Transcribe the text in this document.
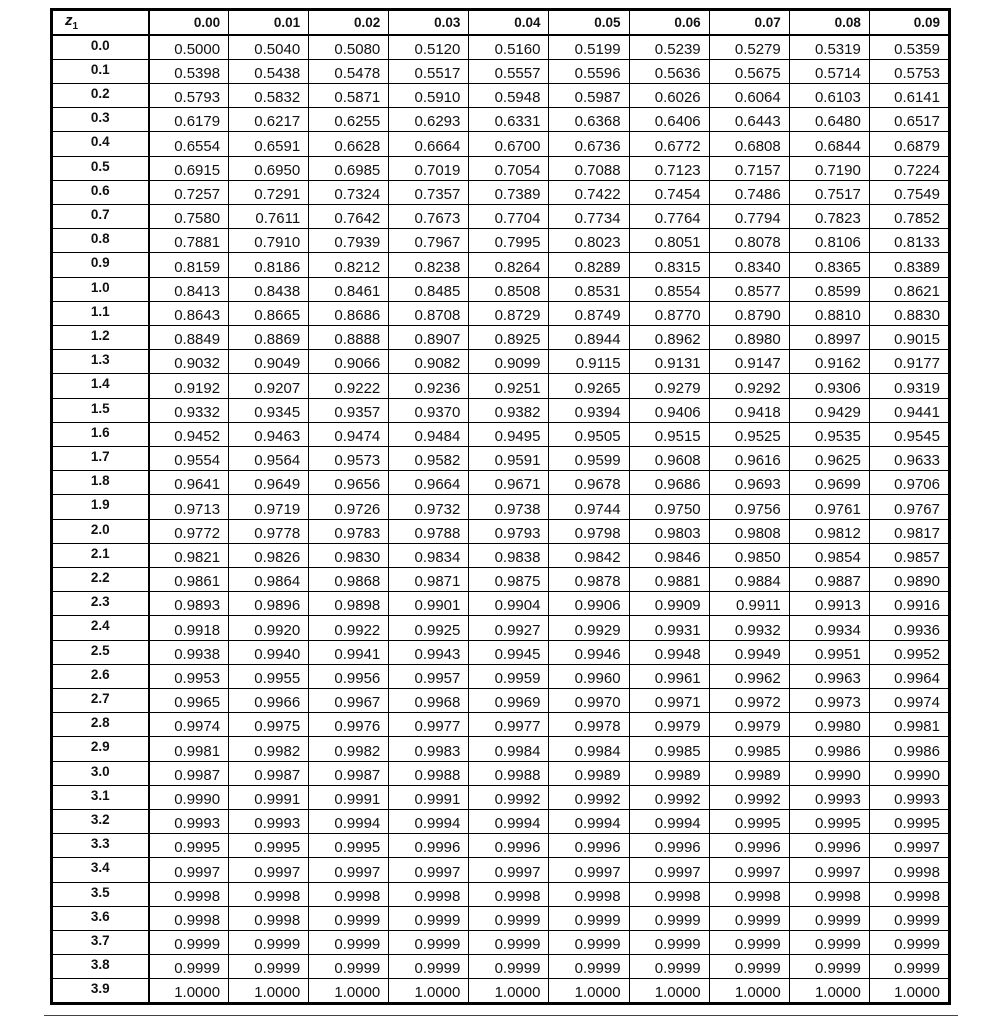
$z_1$	0.00	0.01	0.02	0.03	0.04	0.05	0.06	0.07	0.08	0.09
0.0	0.5000	0.5040	0.5080	0.5120	0.5160	0.5199	0.5239	0.5279	0.5319	0.5359
0.1	0.5398	0.5438	0.5478	0.5517	0.5557	0.5596	0.5636	0.5675	0.5714	0.5753
0.2	0.5793	0.5832	0.5871	0.5910	0.5948	0.5987	0.6026	0.6064	0.6103	0.6141
0.3	0.6179	0.6217	0.6255	0.6293	0.6331	0.6368	0.6406	0.6443	0.6480	0.6517
0.4	0.6554	0.6591	0.6628	0.6664	0.6700	0.6736	0.6772	0.6808	0.6844	0.6879
0.5	0.6915	0.6950	0.6985	0.7019	0.7054	0.7088	0.7123	0.7157	0.7190	0.7224
0.6	0.7257	0.7291	0.7324	0.7357	0.7389	0.7422	0.7454	0.7486	0.7517	0.7549
0.7	0.7580	0.7611	0.7642	0.7673	0.7704	0.7734	0.7764	0.7794	0.7823	0.7852
0.8	0.7881	0.7910	0.7939	0.7967	0.7995	0.8023	0.8051	0.8078	0.8106	0.8133
0.9	0.8159	0.8186	0.8212	0.8238	0.8264	0.8289	0.8315	0.8340	0.8365	0.8389
1.0	0.8413	0.8438	0.8461	0.8485	0.8508	0.8531	0.8554	0.8577	0.8599	0.8621
1.1	0.8643	0.8665	0.8686	0.8708	0.8729	0.8749	0.8770	0.8790	0.8810	0.8830
1.2	0.8849	0.8869	0.8888	0.8907	0.8925	0.8944	0.8962	0.8980	0.8997	0.9015
1.3	0.9032	0.9049	0.9066	0.9082	0.9099	0.9115	0.9131	0.9147	0.9162	0.9177
1.4	0.9192	0.9207	0.9222	0.9236	0.9251	0.9265	0.9279	0.9292	0.9306	0.9319
1.5	0.9332	0.9345	0.9357	0.9370	0.9382	0.9394	0.9406	0.9418	0.9429	0.9441
1.6	0.9452	0.9463	0.9474	0.9484	0.9495	0.9505	0.9515	0.9525	0.9535	0.9545
1.7	0.9554	0.9564	0.9573	0.9582	0.9591	0.9599	0.9608	0.9616	0.9625	0.9633
1.8	0.9641	0.9649	0.9656	0.9664	0.9671	0.9678	0.9686	0.9693	0.9699	0.9706
1.9	0.9713	0.9719	0.9726	0.9732	0.9738	0.9744	0.9750	0.9756	0.9761	0.9767
2.0	0.9772	0.9778	0.9783	0.9788	0.9793	0.9798	0.9803	0.9808	0.9812	0.9817
2.1	0.9821	0.9826	0.9830	0.9834	0.9838	0.9842	0.9846	0.9850	0.9854	0.9857
2.2	0.9861	0.9864	0.9868	0.9871	0.9875	0.9878	0.9881	0.9884	0.9887	0.9890
2.3	0.9893	0.9896	0.9898	0.9901	0.9904	0.9906	0.9909	0.9911	0.9913	0.9916
2.4	0.9918	0.9920	0.9922	0.9925	0.9927	0.9929	0.9931	0.9932	0.9934	0.9936
2.5	0.9938	0.9940	0.9941	0.9943	0.9945	0.9946	0.9948	0.9949	0.9951	0.9952
2.6	0.9953	0.9955	0.9956	0.9957	0.9959	0.9960	0.9961	0.9962	0.9963	0.9964
2.7	0.9965	0.9966	0.9967	0.9968	0.9969	0.9970	0.9971	0.9972	0.9973	0.9974
2.8	0.9974	0.9975	0.9976	0.9977	0.9977	0.9978	0.9979	0.9979	0.9980	0.9981
2.9	0.9981	0.9982	0.9982	0.9983	0.9984	0.9984	0.9985	0.9985	0.9986	0.9986
3.0	0.9987	0.9987	0.9987	0.9988	0.9988	0.9989	0.9989	0.9989	0.9990	0.9990
3.1	0.9990	0.9991	0.9991	0.9991	0.9992	0.9992	0.9992	0.9992	0.9993	0.9993
3.2	0.9993	0.9993	0.9994	0.9994	0.9994	0.9994	0.9994	0.9995	0.9995	0.9995
3.3	0.9995	0.9995	0.9995	0.9996	0.9996	0.9996	0.9996	0.9996	0.9996	0.9997
3.4	0.9997	0.9997	0.9997	0.9997	0.9997	0.9997	0.9997	0.9997	0.9997	0.9998
3.5	0.9998	0.9998	0.9998	0.9998	0.9998	0.9998	0.9998	0.9998	0.9998	0.9998
3.6	0.9998	0.9998	0.9999	0.9999	0.9999	0.9999	0.9999	0.9999	0.9999	0.9999
3.7	0.9999	0.9999	0.9999	0.9999	0.9999	0.9999	0.9999	0.9999	0.9999	0.9999
3.8	0.9999	0.9999	0.9999	0.9999	0.9999	0.9999	0.9999	0.9999	0.9999	0.9999
3.9	1.0000	1.0000	1.0000	1.0000	1.0000	1.0000	1.0000	1.0000	1.0000	1.0000
